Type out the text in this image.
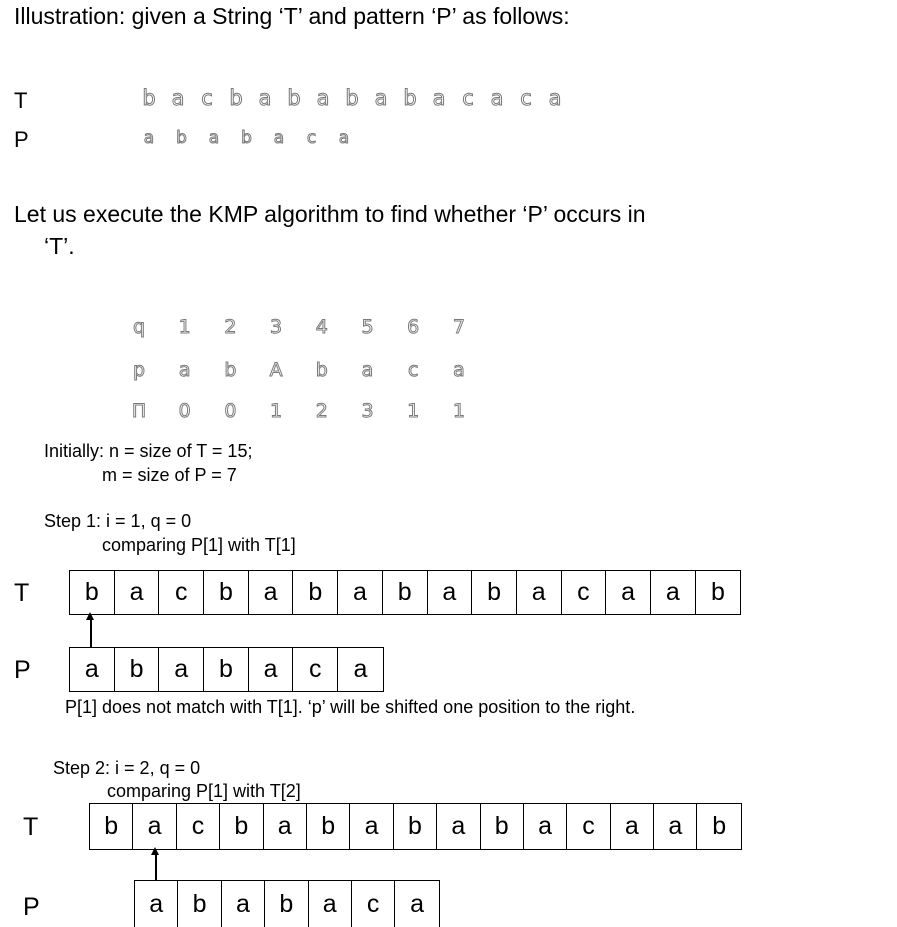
Illustration: given a String ‘T’ and pattern ‘P’ as follows:
T
P
b a c b a b a b a b a c a c a
a	b	a	b	a	c	a
Let us execute the KMP algorithm to find whether ‘P’ occurs in
‘T’.
q 1 2 3 4 5 6 7
p a b A b a	c	a
Π 0 0 1 2 3 1 1
Initially: n = size of T = 15;
m = size of P = 7
Step 1: i = 1, q = 0
comparing P[1] with T[1]
T	b	a	c	b	a	b	a	b	a	b	a	c	a	a	b
P	a	b	a	b	a	c	a
P[1] does not match with T[1]. ‘p’ will be shifted one position to the right.
Step 2: i = 2, q = 0
comparing P[1] with T[2]
T	b	a	c	b	a	b	a	b	a	b	a	c	a	a	b
P	a	b	a	b	a	c	a
